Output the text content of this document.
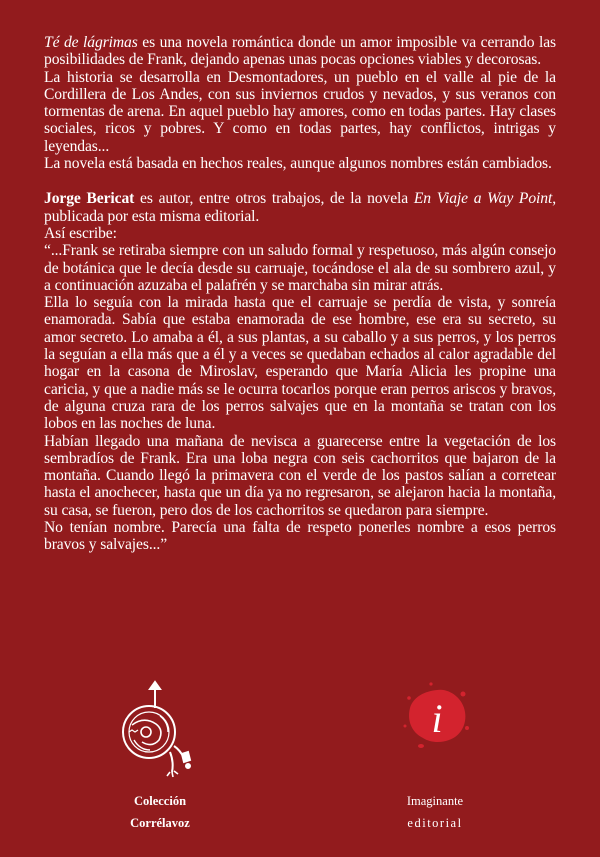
Té de lágrimas es una novela romántica donde un amor imposible va cerrando las posibilidades de Frank, dejando apenas unas pocas opciones viables y decorosas.

La historia se desarrolla en Desmontadores, un pueblo en el valle al pie de la Cordillera de Los Andes, con sus inviernos crudos y nevados, y sus veranos con tormentas de arena. En aquel pueblo hay amores, como en todas partes. Hay clases sociales, ricos y pobres. Y como en todas partes, hay conflictos, intrigas y leyendas...

La novela está basada en hechos reales, aunque algunos nombres están cambiados.

Jorge Bericat es autor, entre otros trabajos, de la novela En Viaje a Way Point, publicada por esta misma editorial.

Así escribe:

“...Frank se retiraba siempre con un saludo formal y respetuoso, más algún consejo de botánica que le decía desde su carruaje, tocándose el ala de su sombrero azul, y a continuación azuzaba el palafrén y se marchaba sin mirar atrás.

Ella lo seguía con la mirada hasta que el carruaje se perdía de vista, y sonreía enamorada. Sabía que estaba enamorada de ese hombre, ese era su secreto, su amor secreto. Lo amaba a él, a sus plantas, a su caballo y a sus perros, y los perros la seguían a ella más que a él y a veces se quedaban echados al calor agradable del hogar en la casona de Miroslav, esperando que María Alicia les propine una caricia, y que a nadie más se le ocurra tocarlos porque eran perros ariscos y bravos, de alguna cruza rara de los perros salvajes que en la montaña se tratan con los lobos en las noches de luna.

Habían llegado una mañana de nevisca a guarecerse entre la vegetación de los sembradíos de Frank. Era una loba negra con seis cachorritos que bajaron de la montaña. Cuando llegó la primavera con el verde de los pastos salían a corretear hasta el anochecer, hasta que un día ya no regresaron, se alejaron hacia la montaña, su casa, se fueron, pero dos de los cachorritos se quedaron para siempre.

No tenían nombre. Parecía una falta de respeto ponerles nombre a esos perros bravos y salvajes...”

Colección
Corrélavoz
i
Imaginante
editorial
